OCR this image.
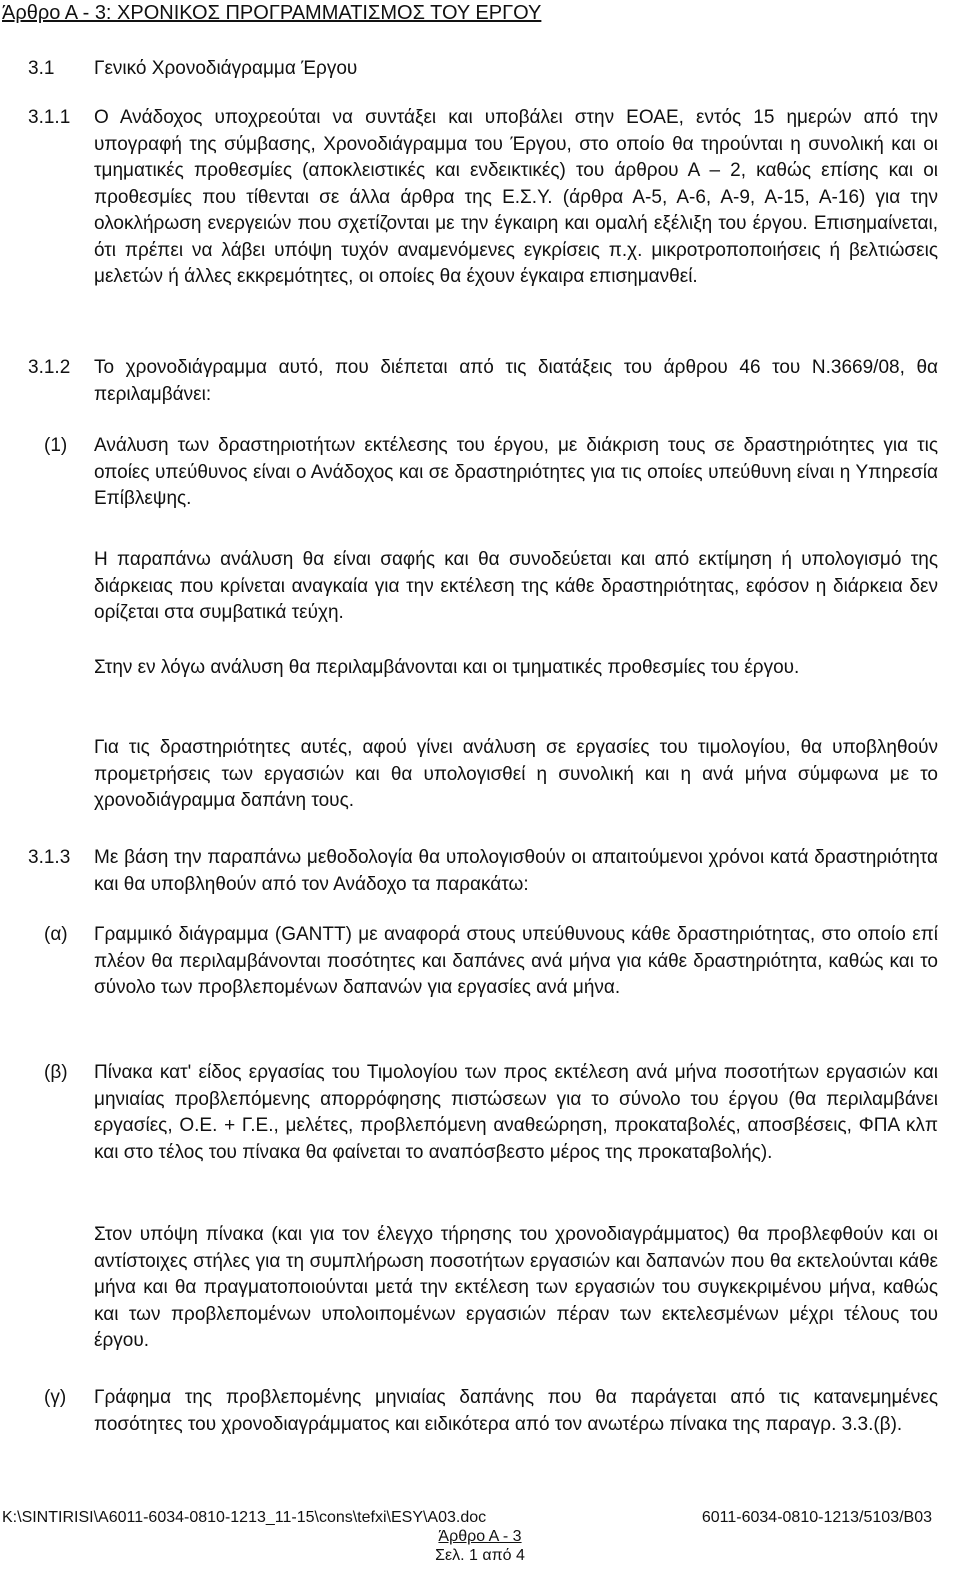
Άρθρο Α - 3: ΧΡΟΝΙΚΟΣ ΠΡΟΓΡΑΜΜΑΤΙΣΜΟΣ ΤΟΥ ΕΡΓΟΥ
3.1 Γενικό Χρονοδιάγραμμα Έργου
3.1.1	Ο Ανάδοχος υποχρεούται να συντάξει και υποβάλει στην ΕΟΑΕ, εντός 15 ημερών από την υπογραφή της σύμβασης, Χρονοδιάγραμμα του Έργου, στο οποίο θα τηρούνται η συνολική και οι τμηματικές προθεσμίες (αποκλειστικές και ενδεικτικές) του άρθρου Α – 2, καθώς επίσης και οι προθεσμίες που τίθενται σε άλλα άρθρα της Ε.Σ.Υ. (άρθρα Α-5, Α-6, Α-9, Α-15, Α-16) για την ολοκλήρωση ενεργειών που σχετίζονται με την έγκαιρη και ομαλή εξέλιξη του έργου. Επισημαίνεται, ότι πρέπει να λάβει υπόψη τυχόν αναμενόμενες εγκρίσεις π.χ. μικροτροποποιήσεις ή βελτιώσεις μελετών ή άλλες εκκρεμότητες, οι οποίες θα έχουν έγκαιρα επισημανθεί.
3.1.2	Το χρονοδιάγραμμα αυτό, που διέπεται από τις διατάξεις του άρθρου 46 του Ν.3669/08, θα περιλαμβάνει:
(1)	Ανάλυση των δραστηριοτήτων εκτέλεσης του έργου, με διάκριση τους σε δραστηριότητες για τις οποίες υπεύθυνος είναι ο Ανάδοχος και σε δραστηριότητες για τις οποίες υπεύθυνη είναι η Υπηρεσία Επίβλεψης.
Η παραπάνω ανάλυση θα είναι σαφής και θα συνοδεύεται και από εκτίμηση ή υπολογισμό της διάρκειας που κρίνεται αναγκαία για την εκτέλεση της κάθε δραστηριότητας, εφόσον η διάρκεια δεν ορίζεται στα συμβατικά τεύχη.
Στην εν λόγω ανάλυση θα περιλαμβάνονται και οι τμηματικές προθεσμίες του έργου.
Για τις δραστηριότητες αυτές, αφού γίνει ανάλυση σε εργασίες του τιμολογίου, θα υποβληθούν προμετρήσεις των εργασιών και θα υπολογισθεί η συνολική και η ανά μήνα σύμφωνα με το χρονοδιάγραμμα δαπάνη τους.
3.1.3	Με βάση την παραπάνω μεθοδολογία θα υπολογισθούν οι απαιτούμενοι χρόνοι κατά δραστηριότητα και θα υποβληθούν από τον Ανάδοχο τα παρακάτω:
(α)	Γραμμικό διάγραμμα (GANTT) με αναφορά στους υπεύθυνους κάθε δραστηριότητας, στο οποίο επί πλέον θα περιλαμβάνονται ποσότητες και δαπάνες ανά μήνα για κάθε δραστηριότητα, καθώς και το σύνολο των προβλεπομένων δαπανών για εργασίες ανά μήνα.
(β)	Πίνακα κατ' είδος εργασίας του Τιμολογίου των προς εκτέλεση ανά μήνα ποσοτήτων εργασιών και μηνιαίας προβλεπόμενης απορρόφησης πιστώσεων για το σύνολο του έργου (θα περιλαμβάνει εργασίες, Ο.Ε. + Γ.Ε., μελέτες, προβλεπόμενη αναθεώρηση, προκαταβολές, αποσβέσεις, ΦΠΑ κλπ και στο τέλος του πίνακα θα φαίνεται το αναπόσβεστο μέρος της προκαταβολής).
Στον υπόψη πίνακα (και για τον έλεγχο τήρησης του χρονοδιαγράμματος) θα προβλεφθούν και οι αντίστοιχες στήλες για τη συμπλήρωση ποσοτήτων εργασιών και δαπανών που θα εκτελούνται κάθε μήνα και θα πραγματοποιούνται μετά την εκτέλεση των εργασιών του συγκεκριμένου μήνα, καθώς και των προβλεπομένων υπολοιπομένων εργασιών πέραν των εκτελεσμένων μέχρι τέλους του έργου.
(γ)	Γράφημα της προβλεπομένης μηνιαίας δαπάνης που θα παράγεται από τις κατανεμημένες ποσότητες του χρονοδιαγράμματος και ειδικότερα από τον ανωτέρω πίνακα της παραγρ. 3.3.(β).
K:\SINTIRISI\A6011-6034-0810-1213_11-15\cons\tefxi\ESY\A03.doc	6011-6034-0810-1213/5103/B03
Άρθρο Α - 3
Σελ. 1 από 4
